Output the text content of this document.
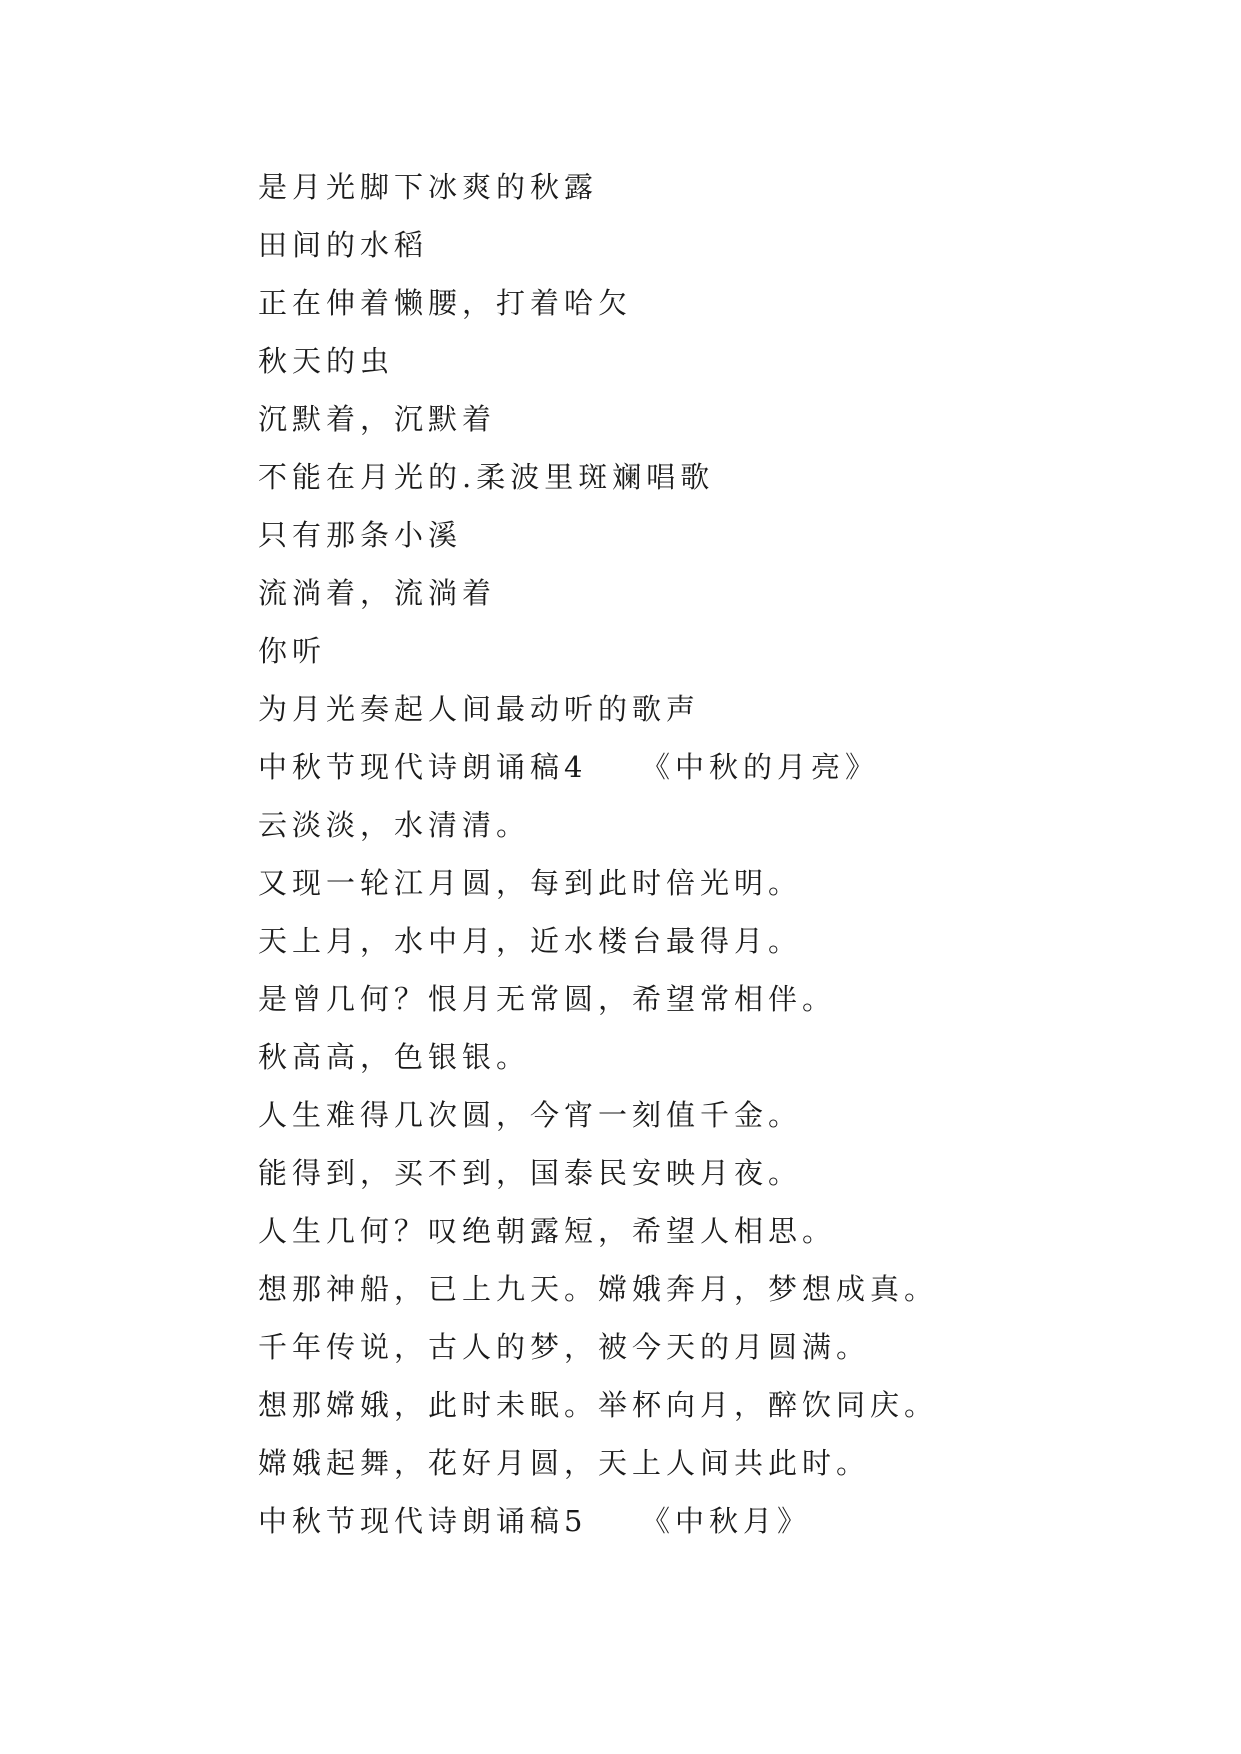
是月光脚下冰爽的秋露
田间的水稻
正在伸着懒腰，打着哈欠
秋天的虫
沉默着，沉默着
不能在月光的.柔波里斑斓唱歌
只有那条小溪
流淌着，流淌着
你听
为月光奏起人间最动听的歌声
中秋节现代诗朗诵稿4　　《中秋的月亮》
云淡淡，水清清。
又现一轮江月圆，每到此时倍光明。
天上月，水中月，近水楼台最得月。
是曾几何？恨月无常圆，希望常相伴。
秋高高，色银银。
人生难得几次圆，今宵一刻值千金。
能得到，买不到，国泰民安映月夜。
人生几何？叹绝朝露短，希望人相思。
想那神船，已上九天。嫦娥奔月，梦想成真。
千年传说，古人的梦，被今天的月圆满。
想那嫦娥，此时未眠。举杯向月，醉饮同庆。
嫦娥起舞，花好月圆，天上人间共此时。
中秋节现代诗朗诵稿5　　《中秋月》
